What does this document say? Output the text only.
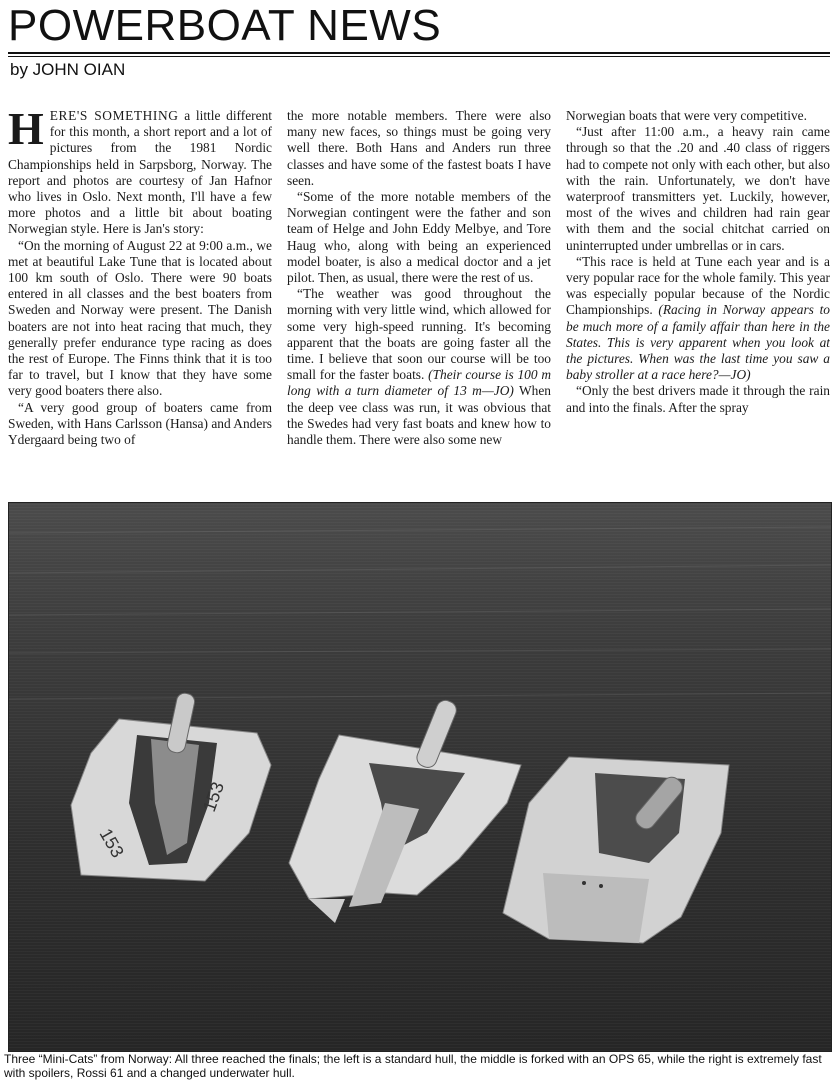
POWERBOAT NEWS
by JOHN OIAN

HERE'S SOMETHING a little different for this month, a short report and a lot of pictures from the 1981 Nordic Championships held in Sarpsborg, Norway. The report and photos are courtesy of Jan Hafnor who lives in Oslo. Next month, I'll have a few more photos and a little bit about boating Norwegian style. Here is Jan's story:

“On the morning of August 22 at 9:00 a.m., we met at beautiful Lake Tune that is located about 100 km south of Oslo. There were 90 boats entered in all classes and the best boaters from Sweden and Norway were present. The Danish boaters are not into heat racing that much, they generally prefer endurance type racing as does the rest of Europe. The Finns think that it is too far to travel, but I know that they have some very good boaters there also.

“A very good group of boaters came from Sweden, with Hans Carlsson (Hansa) and Anders Ydergaard being two of

the more notable members. There were also many new faces, so things must be going very well there. Both Hans and Anders run three classes and have some of the fastest boats I have seen.

“Some of the more notable members of the Norwegian contingent were the father and son team of Helge and John Eddy Melbye, and Tore Haug who, along with being an experienced model boater, is also a medical doctor and a jet pilot. Then, as usual, there were the rest of us.

“The weather was good throughout the morning with very little wind, which allowed for some very high-speed running. It's becoming apparent that the boats are going faster all the time. I believe that soon our course will be too small for the faster boats. (Their course is 100 m long with a turn diameter of 13 m—JO) When the deep vee class was run, it was obvious that the Swedes had very fast boats and knew how to handle them. There were also some new

Norwegian boats that were very competitive.

“Just after 11:00 a.m., a heavy rain came through so that the .20 and .40 class of riggers had to compete not only with each other, but also with the rain. Unfortunately, we don't have waterproof transmitters yet. Luckily, however, most of the wives and children had rain gear with them and the social chitchat carried on uninterrupted under umbrellas or in cars.

“This race is held at Tune each year and is a very popular race for the whole family. This year was especially popular because of the Nordic Championships. (Racing in Norway appears to be much more of a family affair than here in the States. This is very apparent when you look at the pictures. When was the last time you saw a baby stroller at a race here?—JO)

“Only the best drivers made it through the rain and into the finals. After the spray

153
153
Three “Mini-Cats” from Norway: All three reached the finals; the left is a standard hull, the middle is forked with an OPS 65, while the right is extremely fast with spoilers, Rossi 61 and a changed underwater hull.
